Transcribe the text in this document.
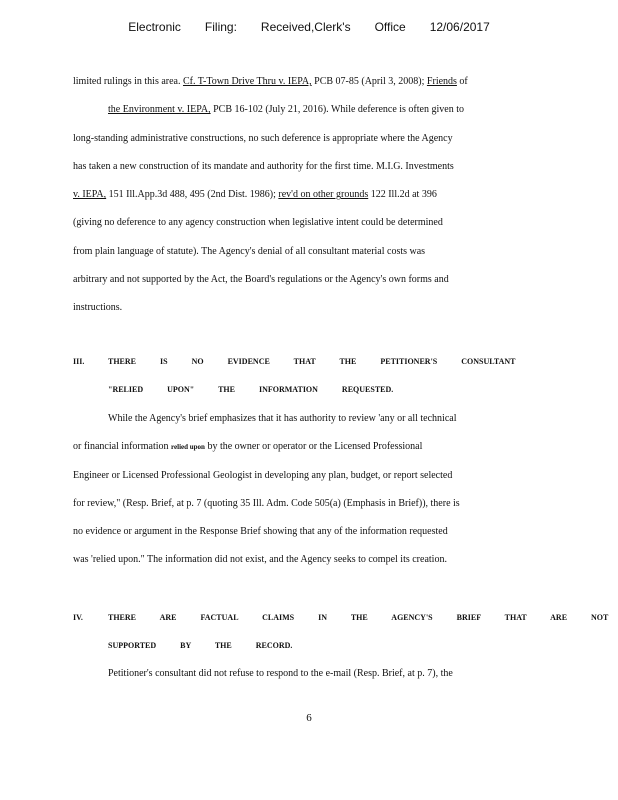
Electronic Filing: Received,Clerk's Office 12/06/2017
limited rulings in this area. Cf. T-Town Drive Thru v. IEPA, PCB 07-85 (April 3, 2008); Friends of
the Environment v. IEPA, PCB 16-102 (July 21, 2016). While deference is often given to
long-standing administrative constructions, no such deference is appropriate where the Agency
has taken a new construction of its mandate and authority for the first time. M.I.G. Investments
v. IEPA, 151 Ill.App.3d 488, 495 (2nd Dist. 1986); rev'd on other grounds 122 Ill.2d at 396
(giving no deference to any agency construction when legislative intent could be determined
from plain language of statute). The Agency's denial of all consultant material costs was
arbitrary and not supported by the Act, the Board's regulations or the Agency's own forms and
instructions.
III.	THERE IS NO EVIDENCE THAT THE PETITIONER'S CONSULTANT
"RELIED UPON" THE INFORMATION REQUESTED.
While the Agency's brief emphasizes that it has authority to review 'any or all technical
or financial information relied upon by the owner or operator or the Licensed Professional
Engineer or Licensed Professional Geologist in developing any plan, budget, or report selected
for review," (Resp. Brief, at p. 7 (quoting 35 Ill. Adm. Code 505(a) (Emphasis in Brief)), there is
no evidence or argument in the Response Brief showing that any of the information requested
was 'relied upon." The information did not exist, and the Agency seeks to compel its creation.
IV.	THERE ARE FACTUAL CLAIMS IN THE AGENCY'S BRIEF THAT ARE NOT
SUPPORTED BY THE RECORD.
Petitioner's consultant did not refuse to respond to the e-mail (Resp. Brief, at p. 7), the
6
